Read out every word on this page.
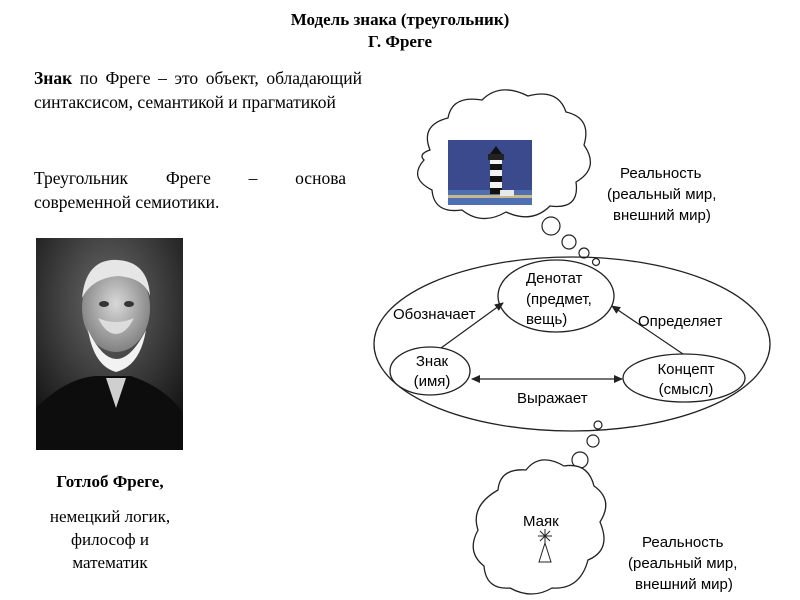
Модель знака (треугольник)
Г. Фреге
Знак по Фреге – это объект, обладающий синтаксисом, семантикой и прагматикой
Треугольник Фреге – основа современной семиотики.
Готлоб Фреге,
немецкий логик,
философ и
математик
Реальность
(реальный мир,
внешний мир)
Денотат
(предмет,
вещь)
Знак
(имя)
Концепт
(смысл)
Обозначает	Определяет
Выражает
Маяк
Реальность
(реальный мир,
внешний мир)
